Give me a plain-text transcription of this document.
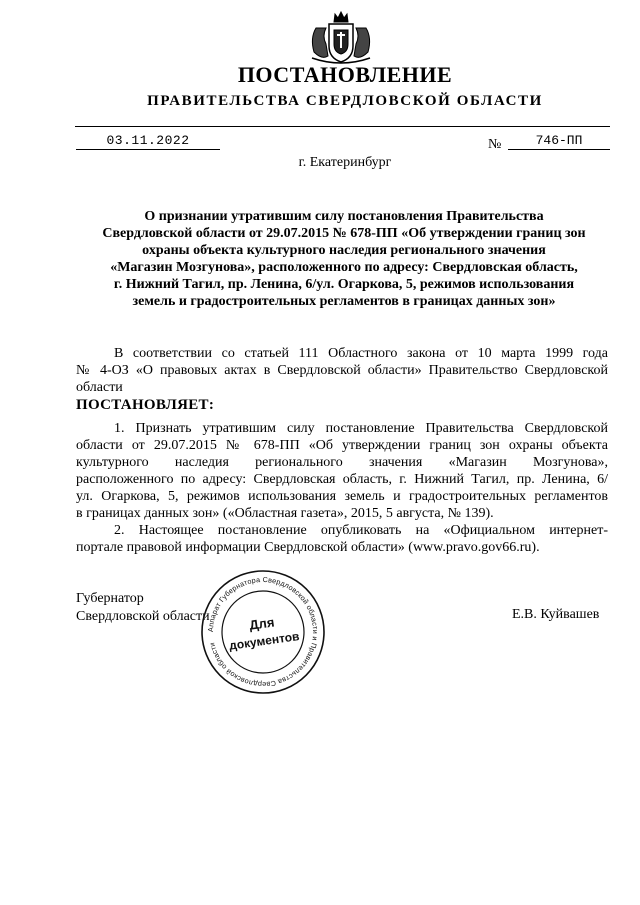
ПОСТАНОВЛЕНИЕ
ПРАВИТЕЛЬСТВА СВЕРДЛОВСКОЙ ОБЛАСТИ
03.11.2022	№	746-ПП
г. Екатеринбург
О признании утратившим силу постановления Правительства
Свердловской области от 29.07.2015 № 678-ПП «Об утверждении границ зон
охраны объекта культурного наследия регионального значения
«Магазин Мозгунова», расположенного по адресу: Свердловская область,
г. Нижний Тагил, пр. Ленина, 6/ул. Огаркова, 5, режимов использования
земель и градостроительных регламентов в границах данных зон»
В соответствии со статьей 111 Областного закона от 10 марта 1999 года
№ 4-ОЗ «О правовых актах в Свердловской области» Правительство Свердловской
области
ПОСТАНОВЛЯЕТ:
1. Признать утратившим силу постановление Правительства Свердловской
области от 29.07.2015 № 678-ПП «Об утверждении границ зон охраны объекта
культурного наследия регионального значения «Магазин Мозгунова»,
расположенного по адресу: Свердловская область, г. Нижний Тагил, пр. Ленина, 6/
ул. Огаркова, 5, режимов использования земель и градостроительных регламентов
в границах данных зон» («Областная газета», 2015, 5 августа, № 139).
2. Настоящее постановление опубликовать на «Официальном интернет-
портале правовой информации Свердловской области» (www.pravo.gov66.ru).
Губернатор
Свердловской области	Е.В. Куйвашев
Аппарат Губернатора Свердловской области и Правительства Свердловской области
Для
документов
